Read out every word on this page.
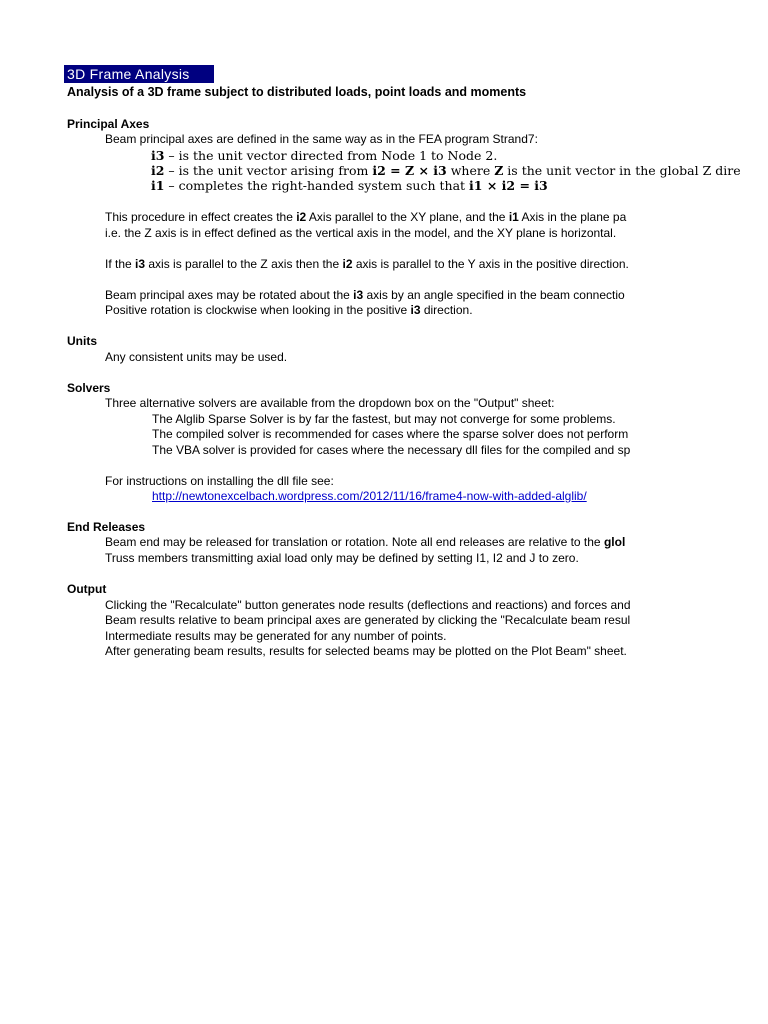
3D Frame Analysis
Analysis of a 3D frame subject to distributed loads, point loads and moments
Principal Axes
Beam principal axes are defined in the same way as in the FEA program Strand7:
i3 – is the unit vector directed from Node 1 to Node 2.
i2 – is the unit vector arising from i2 = Z × i3 where Z is the unit vector in the global Z dire
i1 – completes the right-handed system such that i1 × i2 = i3
This procedure in effect creates the i2 Axis parallel to the XY plane, and the i1 Axis in the plane pa
i.e. the Z axis is in effect defined as the vertical axis in the model, and the XY plane is horizontal.
If the i3 axis is parallel to the Z axis then the i2 axis is parallel to the Y axis in the positive direction.
Beam principal axes may be rotated about the i3 axis by an angle specified in the beam connectio
Positive rotation is clockwise when looking in the positive i3 direction.
Units
Any consistent units may be used.
Solvers
Three alternative solvers are available from the dropdown box on the "Output" sheet:
The Alglib Sparse Solver is by far the fastest, but may not converge for some problems.
The compiled solver is recommended for cases where the sparse solver does not perform
The VBA solver is provided for cases where the necessary dll files for the compiled and sp
For instructions on installing the dll file see:
http://newtonexcelbach.wordpress.com/2012/11/16/frame4-now-with-added-alglib/
End Releases
Beam end may be released for translation or rotation. Note all end releases are relative to the glol
Truss members transmitting axial load only may be defined by setting I1, I2 and J to zero.
Output
Clicking the "Recalculate" button generates node results (deflections and reactions) and forces and
Beam results relative to beam principal axes are generated by clicking the "Recalculate beam resul
Intermediate results may be generated for any number of points.
After generating beam results, results for selected beams may be plotted on the Plot Beam" sheet.
